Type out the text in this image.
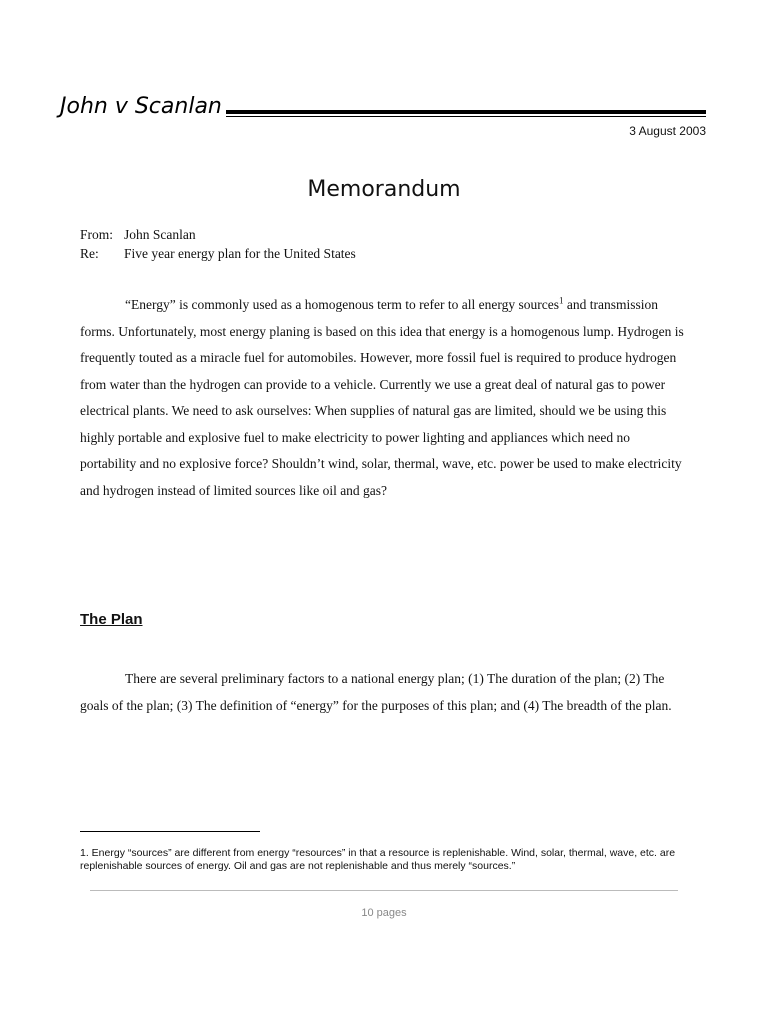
John v Scanlan
3 August 2003
Memorandum
From: John Scanlan
Re:	Five year energy plan for the United States

“Energy” is commonly used as a homogenous term to refer to all energy sources$^1$ and transmission forms. Unfortunately, most energy planing is based on this idea that energy is a homogenous lump. Hydrogen is frequently touted as a miracle fuel for automobiles. However, more fossil fuel is required to produce hydrogen from water than the hydrogen can provide to a vehicle. Currently we use a great deal of natural gas to power electrical plants. We need to ask ourselves: When supplies of natural gas are limited, should we be using this highly portable and explosive fuel to make electricity to power lighting and appliances which need no portability and no explosive force? Shouldn’t wind, solar, thermal, wave, etc. power be used to make electricity and hydrogen instead of limited sources like oil and gas?

The Plan

There are several preliminary factors to a national energy plan; (1) The duration of the plan; (2) The goals of the plan; (3) The definition of “energy” for the purposes of this plan; and (4) The breadth of the plan.

1. Energy “sources” are different from energy “resources” in that a resource is replenishable. Wind, solar, thermal, wave, etc. are replenishable sources of energy. Oil and gas are not replenishable and thus merely “sources.”
10 pages
